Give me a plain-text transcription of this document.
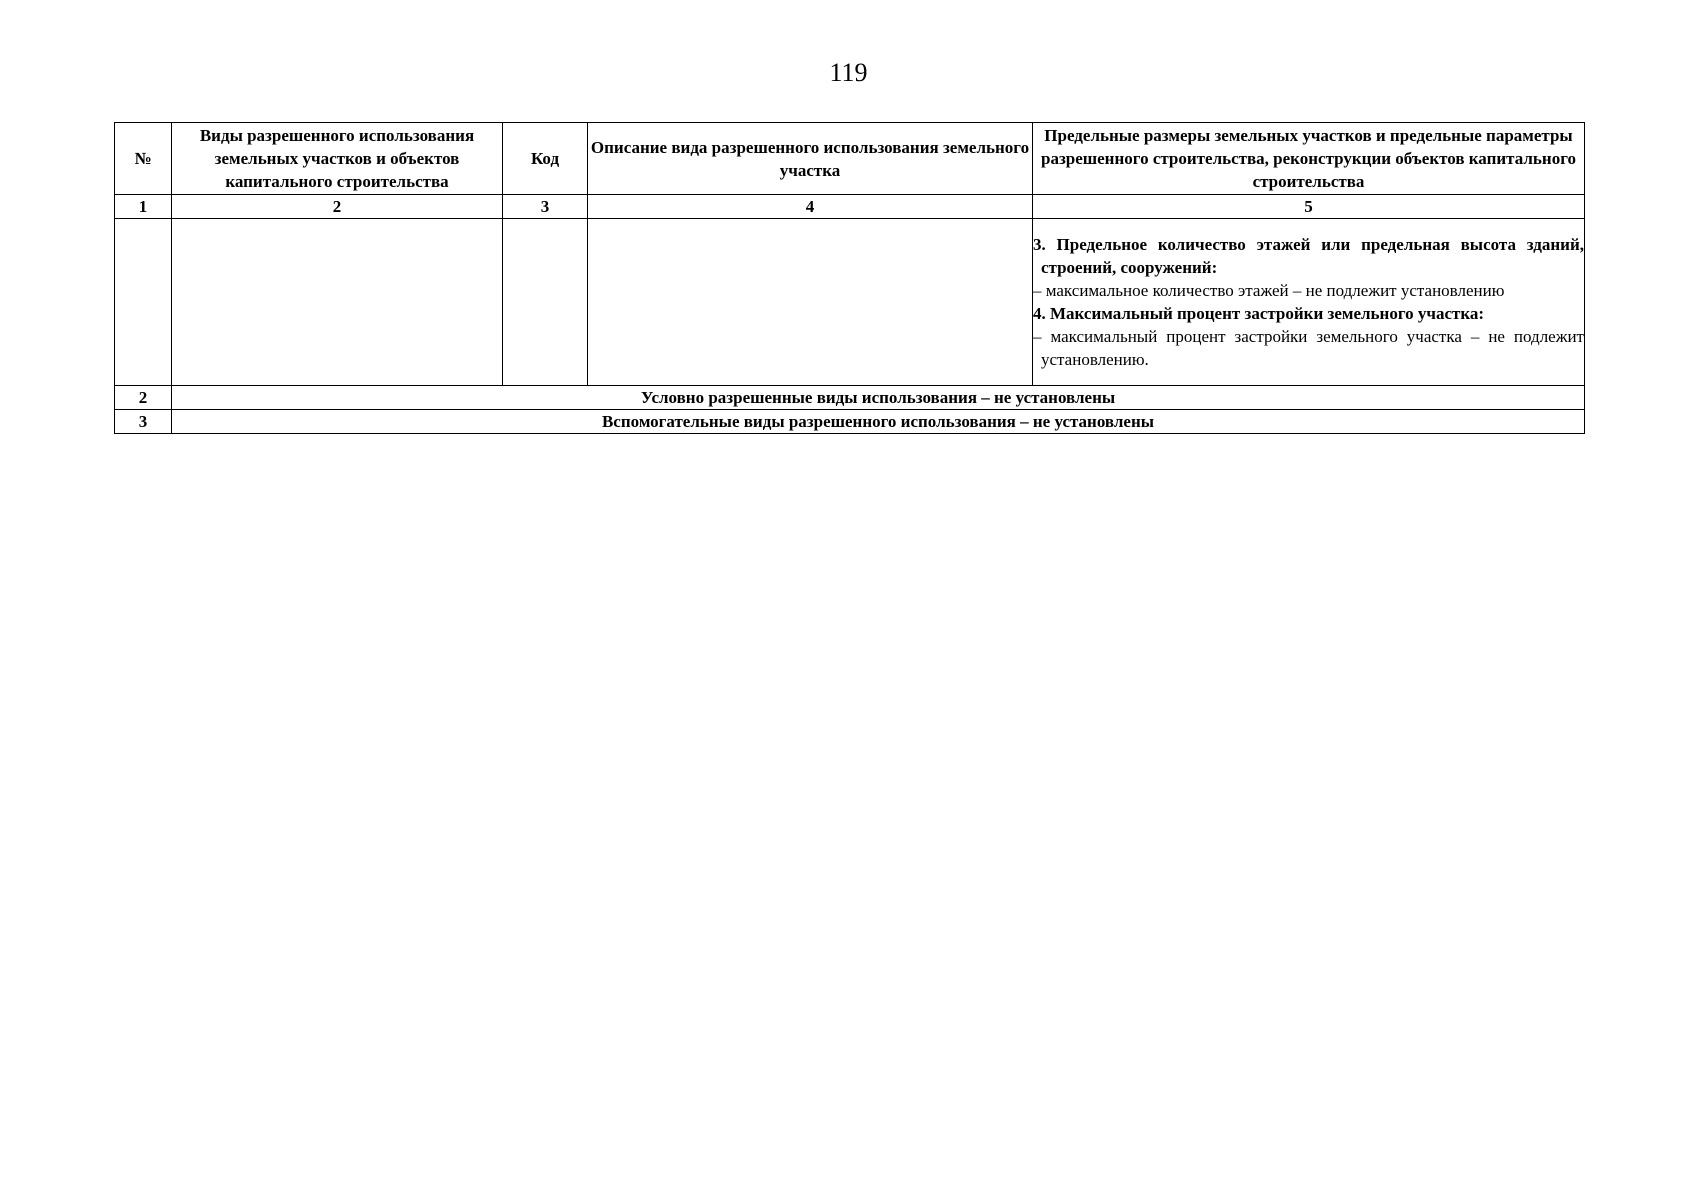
119
№	Виды разрешенного использования земельных участков и объектов капитального строительства	Код	Описание вида разрешенного использования земельного участка	Предельные размеры земельных участков и предельные параметры разрешенного строительства, реконструкции объектов капитального строительства
1	2	3	4	5

				3. Предельное количество этажей или предельная высота зданий, строений, сооружений:
– максимальное количество этажей – не подлежит установлению
4. Максимальный процент застройки земельного участка:
– максимальный процент застройки земельного участка – не подлежит установлению.

2	Условно разрешенные виды использования – не установлены			
3	Вспомогательные виды разрешенного использования – не установлены			
